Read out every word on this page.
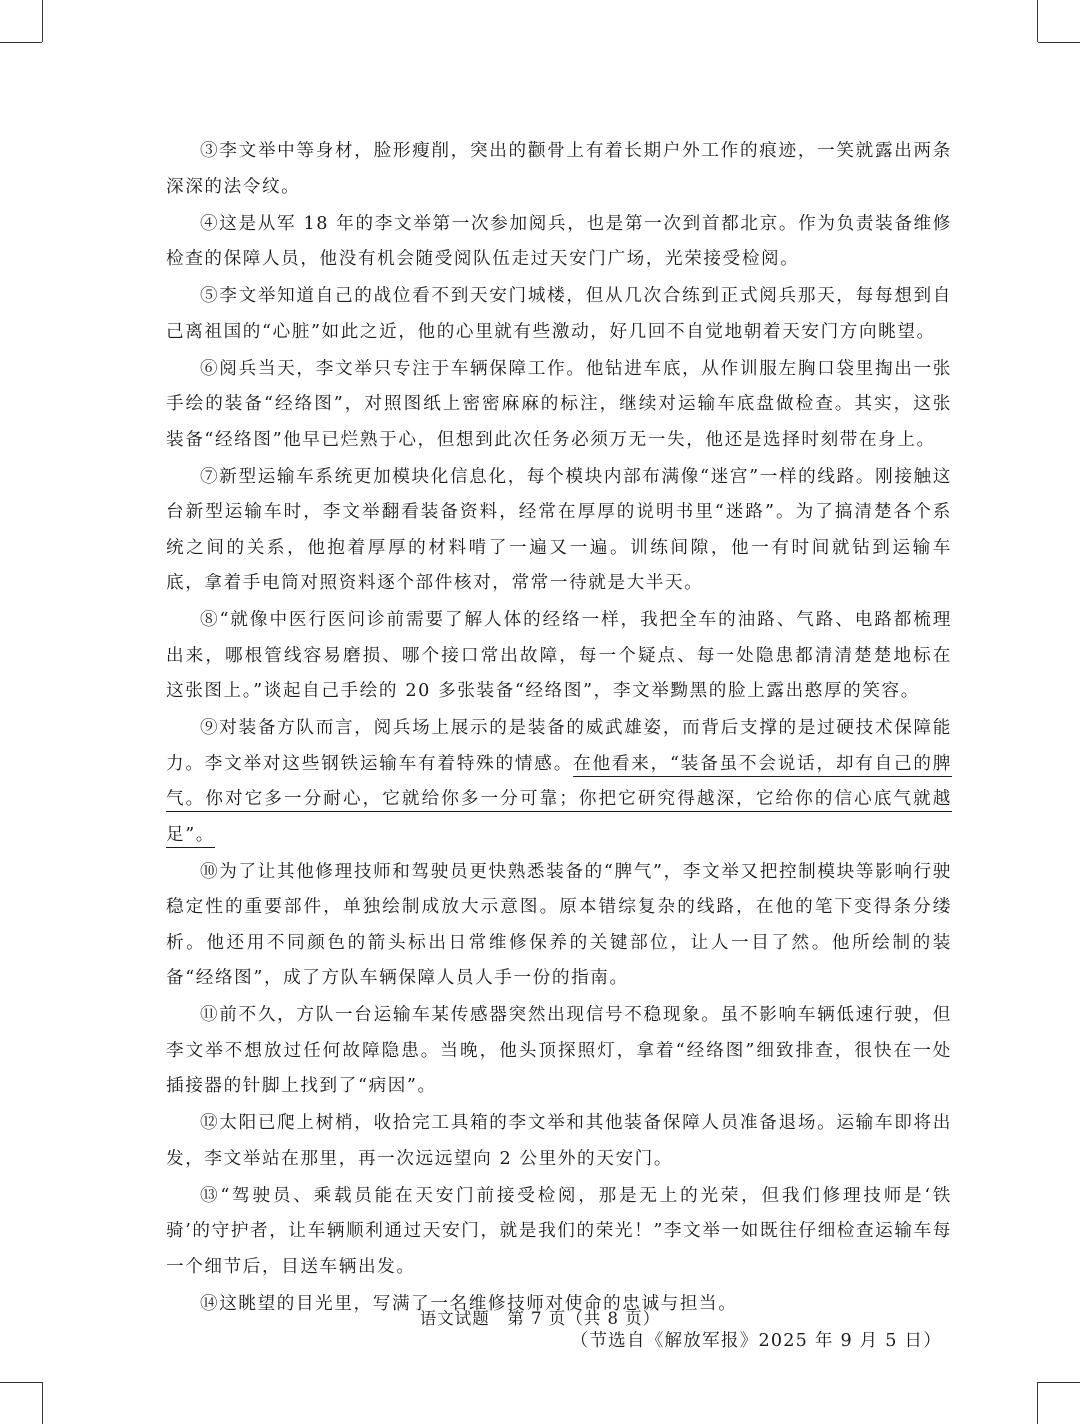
③李文举中等身材，脸形瘦削，突出的颧骨上有着长期户外工作的痕迹，一笑就露出两条深深的法令纹。

④这是从军 18 年的李文举第一次参加阅兵，也是第一次到首都北京。作为负责装备维修检查的保障人员，他没有机会随受阅队伍走过天安门广场，光荣接受检阅。

⑤李文举知道自己的战位看不到天安门城楼，但从几次合练到正式阅兵那天，每每想到自己离祖国的“心脏”如此之近，他的心里就有些激动，好几回不自觉地朝着天安门方向眺望。

⑥阅兵当天，李文举只专注于车辆保障工作。他钻进车底，从作训服左胸口袋里掏出一张手绘的装备“经络图”，对照图纸上密密麻麻的标注，继续对运输车底盘做检查。其实，这张装备“经络图”他早已烂熟于心，但想到此次任务必须万无一失，他还是选择时刻带在身上。

⑦新型运输车系统更加模块化信息化，每个模块内部布满像“迷宫”一样的线路。刚接触这台新型运输车时，李文举翻看装备资料，经常在厚厚的说明书里“迷路”。为了搞清楚各个系统之间的关系，他抱着厚厚的材料啃了一遍又一遍。训练间隙，他一有时间就钻到运输车底，拿着手电筒对照资料逐个部件核对，常常一待就是大半天。

⑧“就像中医行医问诊前需要了解人体的经络一样，我把全车的油路、气路、电路都梳理出来，哪根管线容易磨损、哪个接口常出故障，每一个疑点、每一处隐患都清清楚楚地标在这张图上。”谈起自己手绘的 20 多张装备“经络图”，李文举黝黑的脸上露出憨厚的笑容。

⑨对装备方队而言，阅兵场上展示的是装备的威武雄姿，而背后支撑的是过硬技术保障能力。李文举对这些钢铁运输车有着特殊的情感。在他看来，“装备虽不会说话，却有自己的脾气。你对它多一分耐心，它就给你多一分可靠；你把它研究得越深，它给你的信心底气就越足”。

⑩为了让其他修理技师和驾驶员更快熟悉装备的“脾气”，李文举又把控制模块等影响行驶稳定性的重要部件，单独绘制成放大示意图。原本错综复杂的线路，在他的笔下变得条分缕析。他还用不同颜色的箭头标出日常维修保养的关键部位，让人一目了然。他所绘制的装备“经络图”，成了方队车辆保障人员人手一份的指南。

⑪前不久，方队一台运输车某传感器突然出现信号不稳现象。虽不影响车辆低速行驶，但李文举不想放过任何故障隐患。当晚，他头顶探照灯，拿着“经络图”细致排查，很快在一处插接器的针脚上找到了“病因”。

⑫太阳已爬上树梢，收拾完工具箱的李文举和其他装备保障人员准备退场。运输车即将出发，李文举站在那里，再一次远远望向 2 公里外的天安门。

⑬“驾驶员、乘载员能在天安门前接受检阅，那是无上的光荣，但我们修理技师是‘铁骑’的守护者，让车辆顺利通过天安门，就是我们的荣光！”李文举一如既往仔细检查运输车每一个细节后，目送车辆出发。

⑭这眺望的目光里，写满了一名维修技师对使命的忠诚与担当。

（节选自《解放军报》2025 年 9 月 5 日）
语文试题　第 7 页（共 8 页）
